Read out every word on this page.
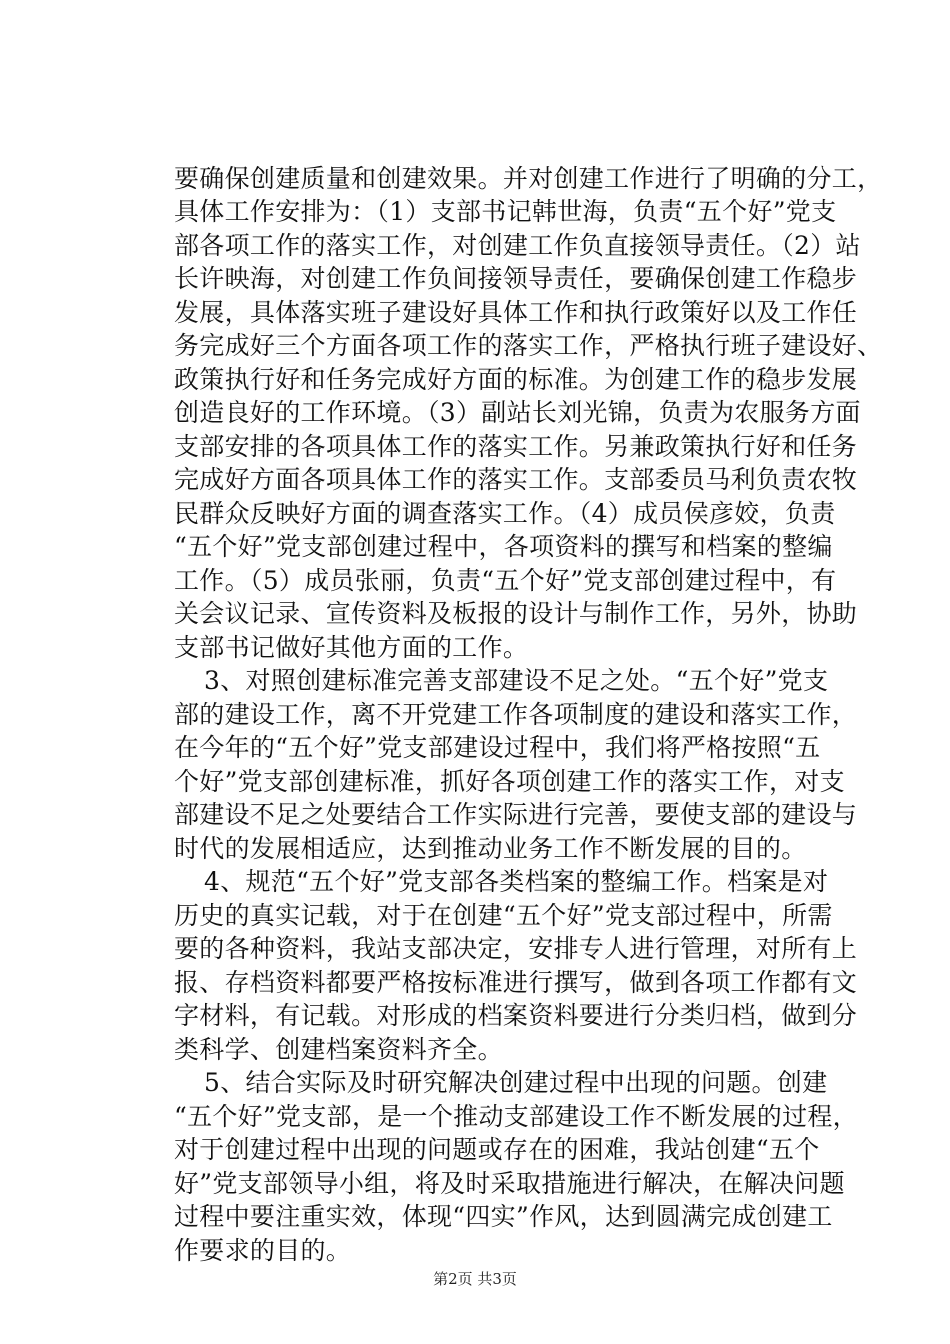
要确保创建质量和创建效果。并对创建工作进行了明确的分工，
具体工作安排为：（1）支部书记韩世海，负责“五个好”党支
部各项工作的落实工作，对创建工作负直接领导责任。（2）站
长许映海，对创建工作负间接领导责任，要确保创建工作稳步
发展，具体落实班子建设好具体工作和执行政策好以及工作任
务完成好三个方面各项工作的落实工作，严格执行班子建设好、
政策执行好和任务完成好方面的标准。为创建工作的稳步发展
创造良好的工作环境。（3）副站长刘光锦，负责为农服务方面
支部安排的各项具体工作的落实工作。另兼政策执行好和任务
完成好方面各项具体工作的落实工作。支部委员马利负责农牧
民群众反映好方面的调查落实工作。（4）成员侯彦姣，负责
“五个好”党支部创建过程中，各项资料的撰写和档案的整编
工作。（5）成员张丽，负责“五个好”党支部创建过程中，有
关会议记录、宣传资料及板报的设计与制作工作，另外，协助
支部书记做好其他方面的工作。
3、对照创建标准完善支部建设不足之处。“五个好”党支
部的建设工作，离不开党建工作各项制度的建设和落实工作，
在今年的“五个好”党支部建设过程中，我们将严格按照“五
个好”党支部创建标准，抓好各项创建工作的落实工作，对支
部建设不足之处要结合工作实际进行完善，要使支部的建设与
时代的发展相适应，达到推动业务工作不断发展的目的。
4、规范“五个好”党支部各类档案的整编工作。档案是对
历史的真实记载，对于在创建“五个好”党支部过程中，所需
要的各种资料，我站支部决定，安排专人进行管理，对所有上
报、存档资料都要严格按标准进行撰写，做到各项工作都有文
字材料，有记载。对形成的档案资料要进行分类归档，做到分
类科学、创建档案资料齐全。
5、结合实际及时研究解决创建过程中出现的问题。创建
“五个好”党支部，是一个推动支部建设工作不断发展的过程，
对于创建过程中出现的问题或存在的困难，我站创建“五个
好”党支部领导小组，将及时采取措施进行解决，在解决问题
过程中要注重实效，体现“四实”作风，达到圆满完成创建工
作要求的目的。
第2页 共3页
